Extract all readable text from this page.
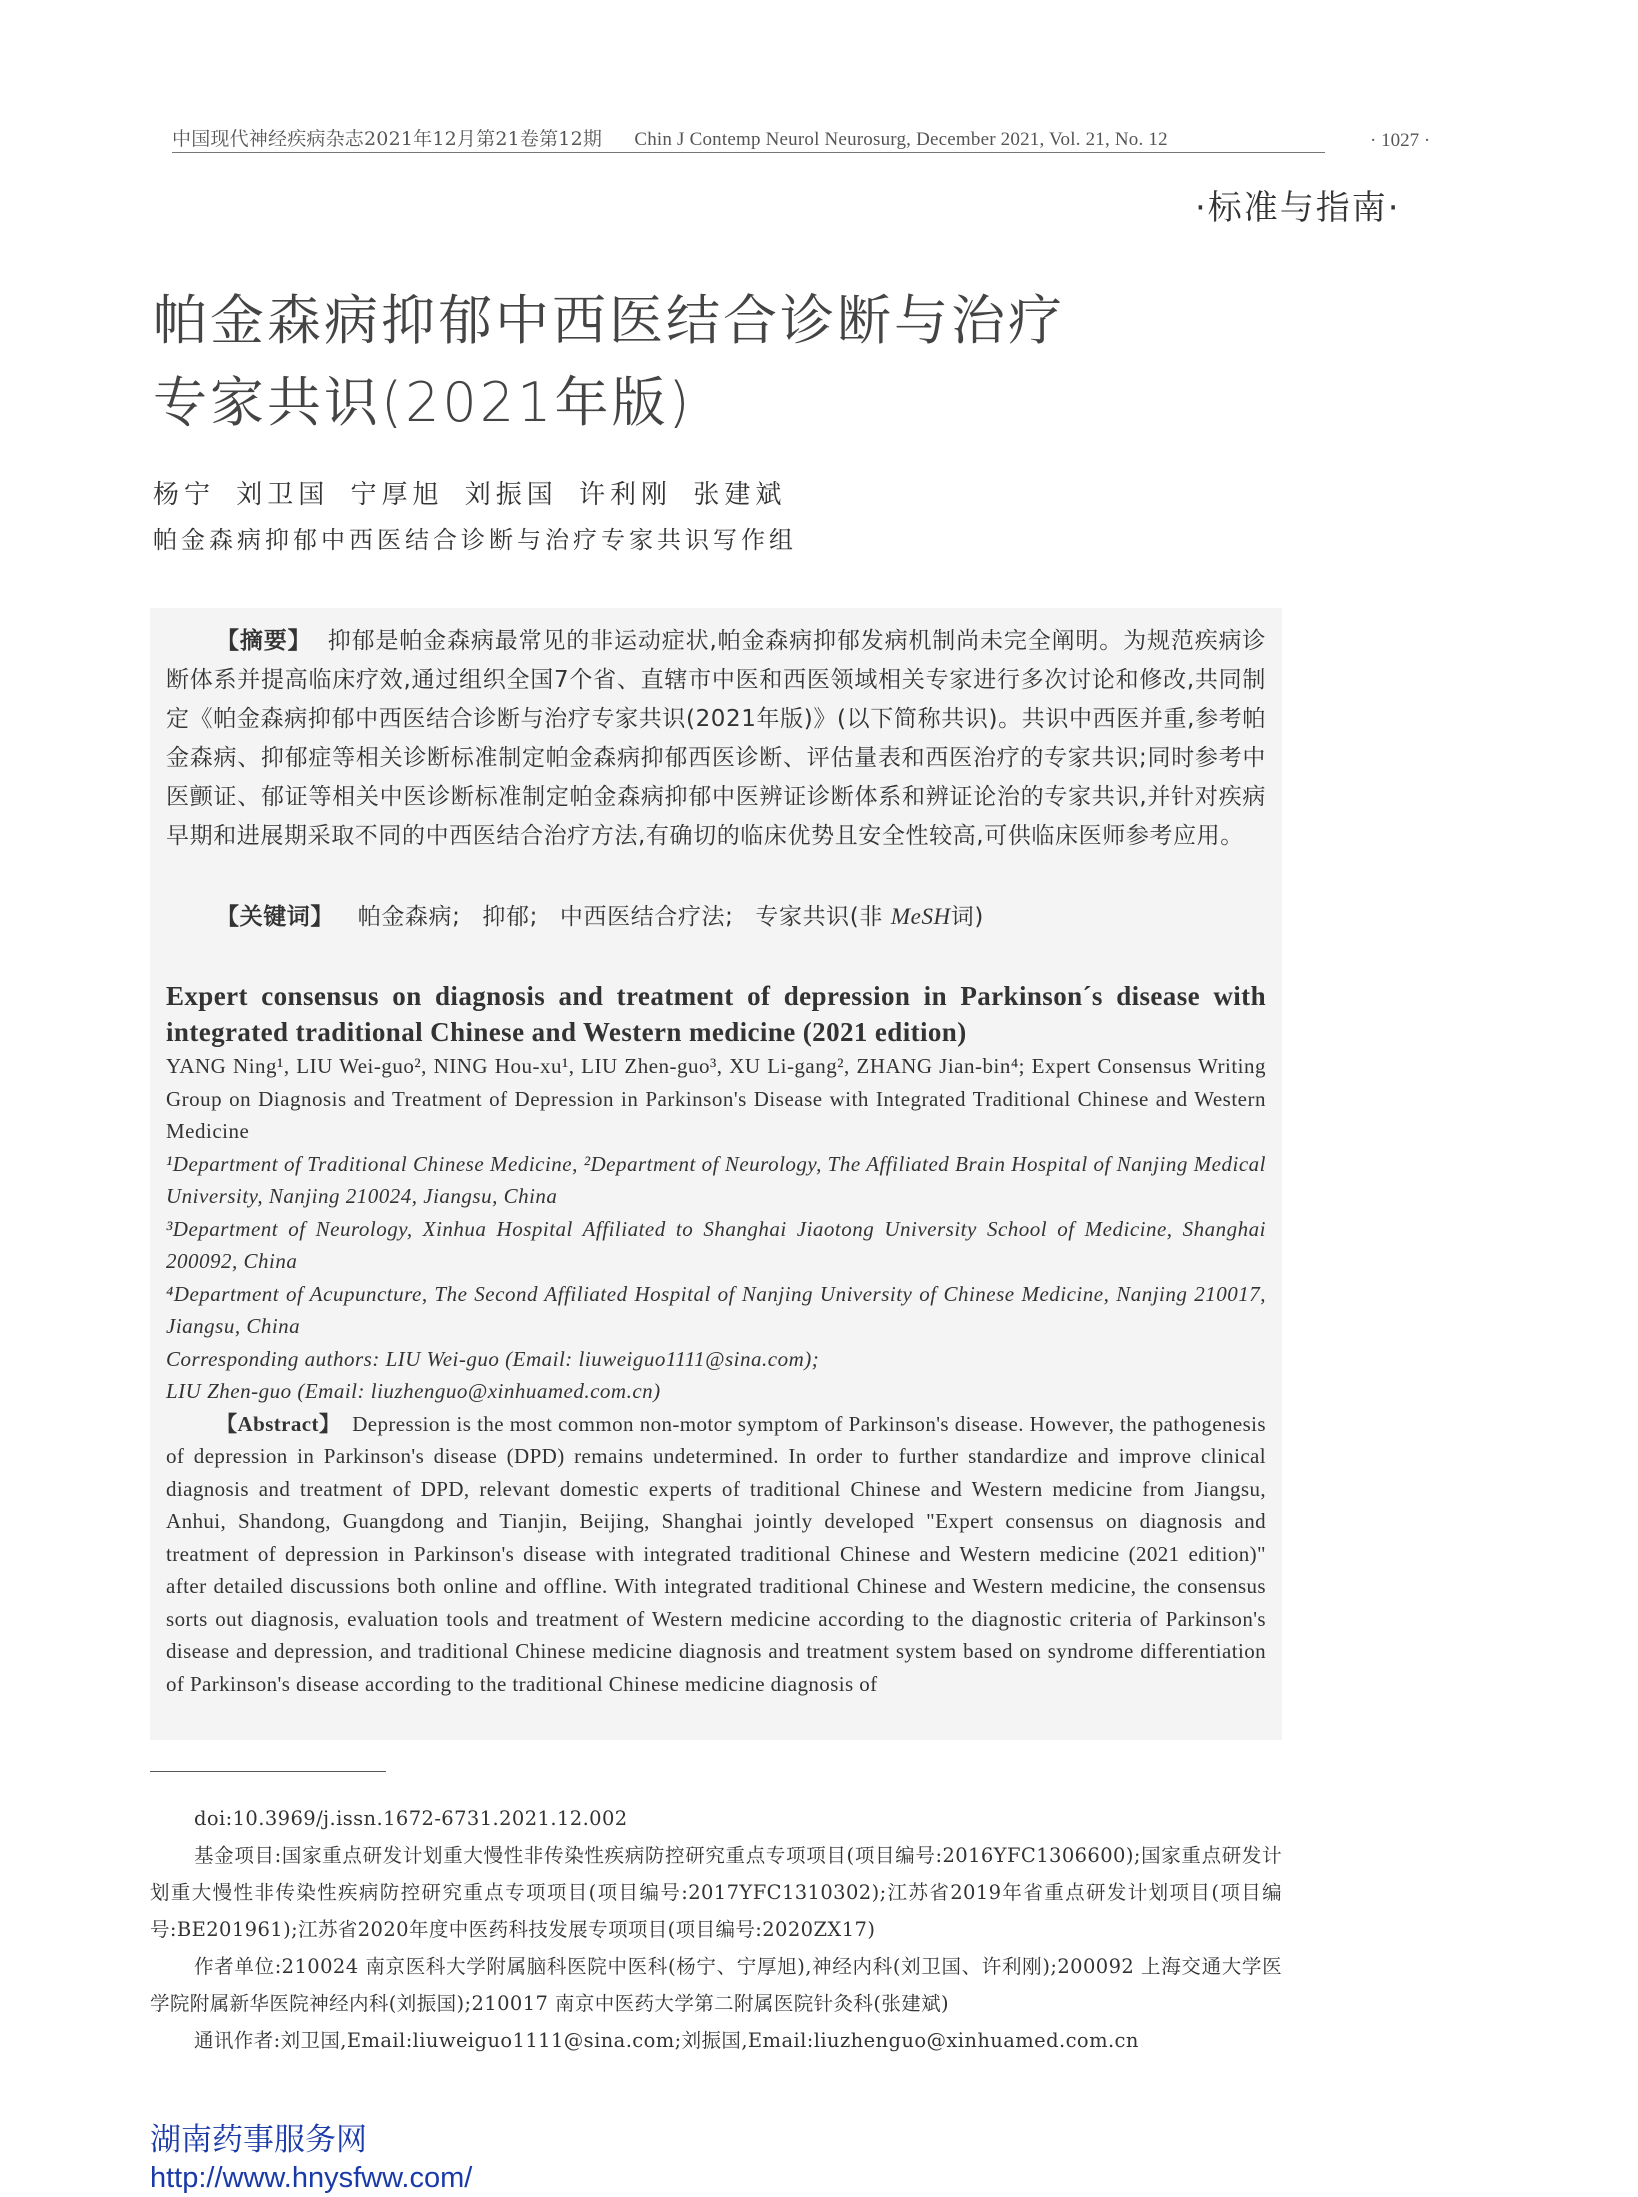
中国现代神经疾病杂志2021年12月第21卷第12期 Chin J Contemp Neurol Neurosurg, December 2021, Vol. 21, No. 12	· 1027 ·
·标准与指南·
帕金森病抑郁中西医结合诊断与治疗
专家共识(2021年版)
杨宁 刘卫国 宁厚旭 刘振国 许利刚 张建斌
帕金森病抑郁中西医结合诊断与治疗专家共识写作组
【摘要】 抑郁是帕金森病最常见的非运动症状,帕金森病抑郁发病机制尚未完全阐明。为规范疾病诊断体系并提高临床疗效,通过组织全国7个省、直辖市中医和西医领域相关专家进行多次讨论和修改,共同制定《帕金森病抑郁中西医结合诊断与治疗专家共识(2021年版)》(以下简称共识)。共识中西医并重,参考帕金森病、抑郁症等相关诊断标准制定帕金森病抑郁西医诊断、评估量表和西医治疗的专家共识;同时参考中医颤证、郁证等相关中医诊断标准制定帕金森病抑郁中医辨证诊断体系和辨证论治的专家共识,并针对疾病早期和进展期采取不同的中西医结合治疗方法,有确切的临床优势且安全性较高,可供临床医师参考应用。
【关键词】 帕金森病; 抑郁; 中西医结合疗法; 专家共识(非 MeSH词)
Expert consensus on diagnosis and treatment of depression in Parkinson´s disease with integrated traditional Chinese and Western medicine (2021 edition)
YANG Ning¹, LIU Wei-guo², NING Hou-xu¹, LIU Zhen-guo³, XU Li-gang², ZHANG Jian-bin⁴; Expert Consensus Writing Group on Diagnosis and Treatment of Depression in Parkinson's Disease with Integrated Traditional Chinese and Western Medicine
¹Department of Traditional Chinese Medicine, ²Department of Neurology, The Affiliated Brain Hospital of Nanjing Medical University, Nanjing 210024, Jiangsu, China
³Department of Neurology, Xinhua Hospital Affiliated to Shanghai Jiaotong University School of Medicine, Shanghai 200092, China
⁴Department of Acupuncture, The Second Affiliated Hospital of Nanjing University of Chinese Medicine, Nanjing 210017, Jiangsu, China
Corresponding authors: LIU Wei-guo (Email: liuweiguo1111@sina.com);
LIU Zhen-guo (Email: liuzhenguo@xinhuamed.com.cn)
【Abstract】 Depression is the most common non-motor symptom of Parkinson's disease. However, the pathogenesis of depression in Parkinson's disease (DPD) remains undetermined. In order to further standardize and improve clinical diagnosis and treatment of DPD, relevant domestic experts of traditional Chinese and Western medicine from Jiangsu, Anhui, Shandong, Guangdong and Tianjin, Beijing, Shanghai jointly developed "Expert consensus on diagnosis and treatment of depression in Parkinson's disease with integrated traditional Chinese and Western medicine (2021 edition)" after detailed discussions both online and offline. With integrated traditional Chinese and Western medicine, the consensus sorts out diagnosis, evaluation tools and treatment of Western medicine according to the diagnostic criteria of Parkinson's disease and depression, and traditional Chinese medicine diagnosis and treatment system based on syndrome differentiation of Parkinson's disease according to the traditional Chinese medicine diagnosis of

doi:10.3969/j.issn.1672-6731.2021.12.002

基金项目:国家重点研发计划重大慢性非传染性疾病防控研究重点专项项目(项目编号:2016YFC1306600);国家重点研发计划重大慢性非传染性疾病防控研究重点专项项目(项目编号:2017YFC1310302);江苏省2019年省重点研发计划项目(项目编号:BE201961);江苏省2020年度中医药科技发展专项项目(项目编号:2020ZX17)

作者单位:210024 南京医科大学附属脑科医院中医科(杨宁、宁厚旭),神经内科(刘卫国、许利刚);200092 上海交通大学医学院附属新华医院神经内科(刘振国);210017 南京中医药大学第二附属医院针灸科(张建斌)

通讯作者:刘卫国,Email:liuweiguo1111@sina.com;刘振国,Email:liuzhenguo@xinhuamed.com.cn

湖南药事服务网
http://www.hnysfww.com/
